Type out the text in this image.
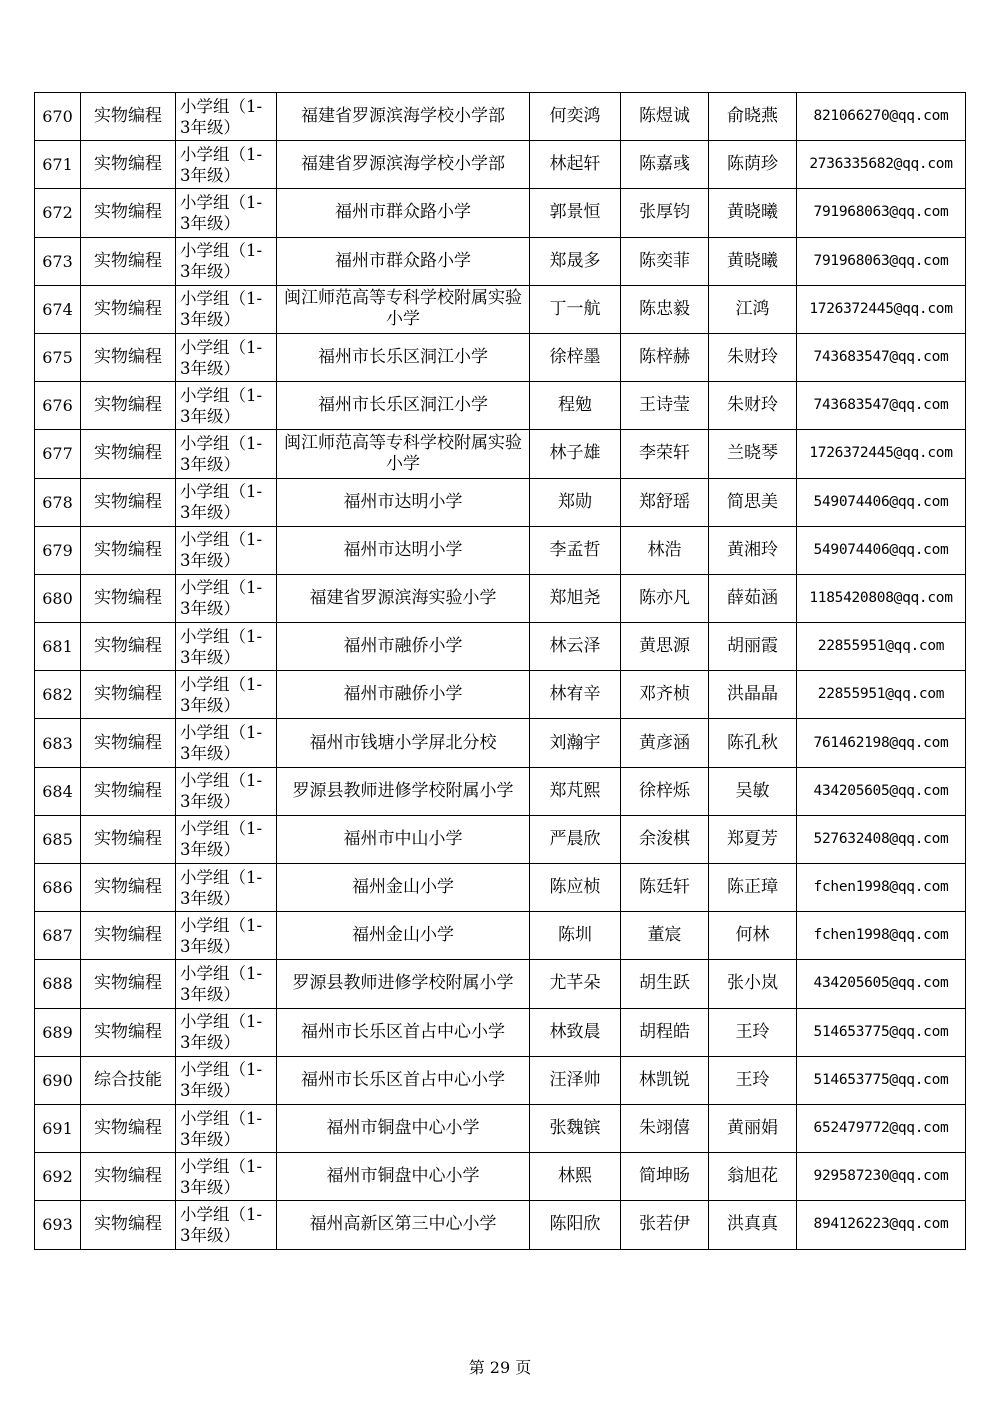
670	实物编程	小学组（1-
3年级）	福建省罗源滨海学校小学部	何奕鸿	陈煜诚	俞晓燕	821066270@qq.com
671	实物编程	小学组（1-
3年级）	福建省罗源滨海学校小学部	林起轩	陈嘉彧	陈荫珍	2736335682@qq.com
672	实物编程	小学组（1-
3年级）	福州市群众路小学	郭景恒	张厚钧	黄晓曦	791968063@qq.com
673	实物编程	小学组（1-
3年级）	福州市群众路小学	郑晟多	陈奕菲	黄晓曦	791968063@qq.com
674	实物编程	小学组（1-
3年级）	闽江师范高等专科学校附属实验小学	丁一航	陈忠毅	江鸿	1726372445@qq.com
675	实物编程	小学组（1-
3年级）	福州市长乐区洞江小学	徐梓墨	陈梓赫	朱财玲	743683547@qq.com
676	实物编程	小学组（1-
3年级）	福州市长乐区洞江小学	程勉	王诗莹	朱财玲	743683547@qq.com
677	实物编程	小学组（1-
3年级）	闽江师范高等专科学校附属实验小学	林子雄	李荣轩	兰晓琴	1726372445@qq.com
678	实物编程	小学组（1-
3年级）	福州市达明小学	郑勋	郑舒瑶	简思美	549074406@qq.com
679	实物编程	小学组（1-
3年级）	福州市达明小学	李孟哲	林浩	黄湘玲	549074406@qq.com
680	实物编程	小学组（1-
3年级）	福建省罗源滨海实验小学	郑旭尧	陈亦凡	薛茹涵	1185420808@qq.com
681	实物编程	小学组（1-
3年级）	福州市融侨小学	林云泽	黄思源	胡丽霞	22855951@qq.com
682	实物编程	小学组（1-
3年级）	福州市融侨小学	林宥辛	邓齐桢	洪晶晶	22855951@qq.com
683	实物编程	小学组（1-
3年级）	福州市钱塘小学屏北分校	刘瀚宇	黄彦涵	陈孔秋	761462198@qq.com
684	实物编程	小学组（1-
3年级）	罗源县教师进修学校附属小学	郑芃熙	徐梓烁	吴敏	434205605@qq.com
685	实物编程	小学组（1-
3年级）	福州市中山小学	严晨欣	余浚棋	郑夏芳	527632408@qq.com
686	实物编程	小学组（1-
3年级）	福州金山小学	陈应桢	陈廷轩	陈正璋	fchen1998@qq.com
687	实物编程	小学组（1-
3年级）	福州金山小学	陈圳	董宸	何林	fchen1998@qq.com
688	实物编程	小学组（1-
3年级）	罗源县教师进修学校附属小学	尤芊朵	胡生跃	张小岚	434205605@qq.com
689	实物编程	小学组（1-
3年级）	福州市长乐区首占中心小学	林致晨	胡程皓	王玲	514653775@qq.com
690	综合技能	小学组（1-
3年级）	福州市长乐区首占中心小学	汪泽帅	林凯锐	王玲	514653775@qq.com
691	实物编程	小学组（1-
3年级）	福州市铜盘中心小学	张魏镔	朱翊僖	黄丽娟	652479772@qq.com
692	实物编程	小学组（1-
3年级）	福州市铜盘中心小学	林熙	简坤旸	翁旭花	929587230@qq.com
693	实物编程	小学组（1-
3年级）	福州高新区第三中心小学	陈阳欣	张若伊	洪真真	894126223@qq.com
第 29 页
